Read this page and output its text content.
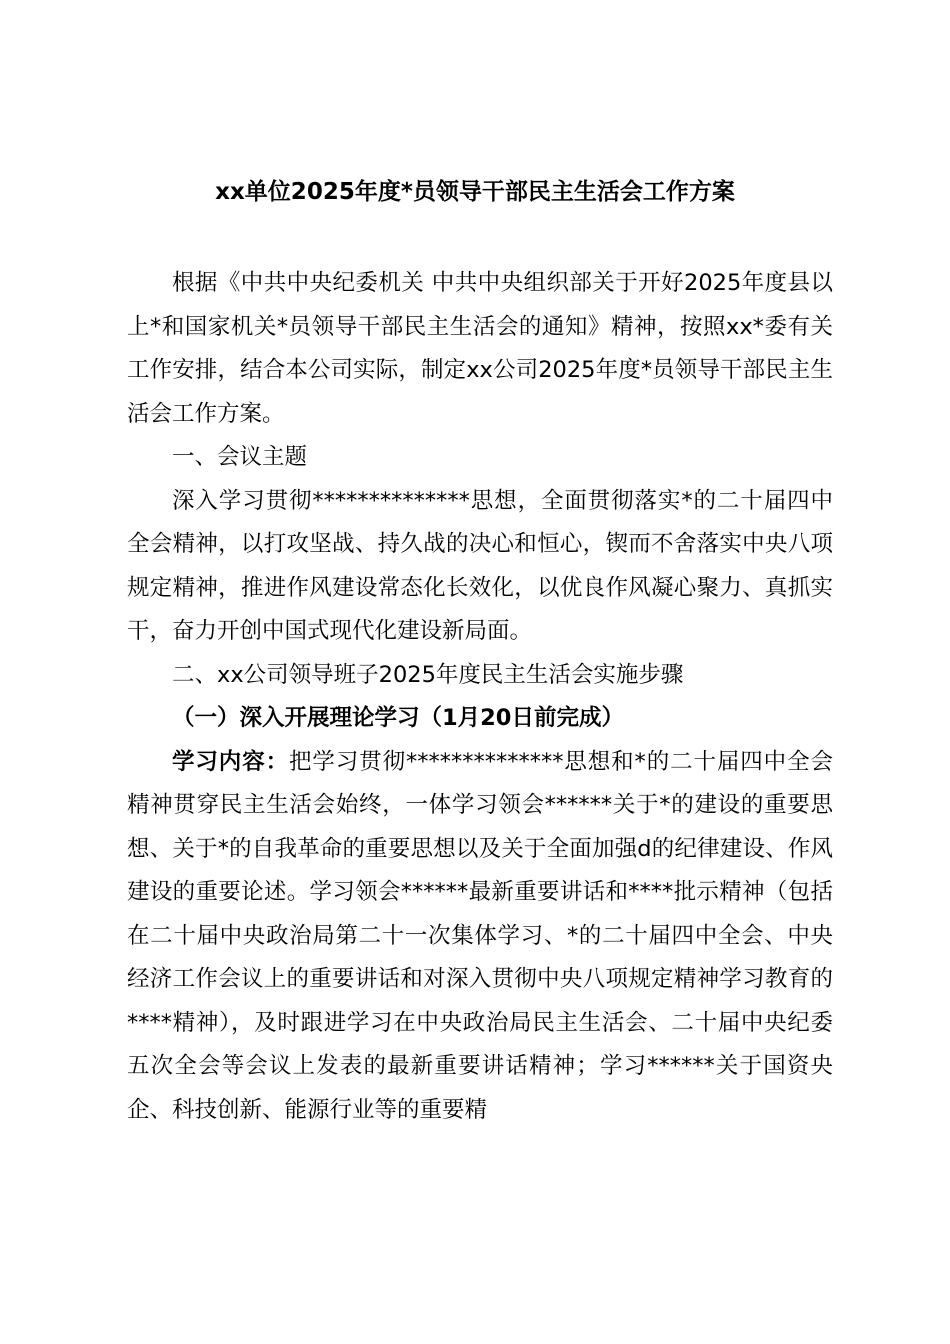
xx单位2025年度*员领导干部民主生活会工作方案

根据《中共中央纪委机关 中共中央组织部关于开好2025年度县以上*和国家机关*员领导干部民主生活会的通知》精神，按照xx*委有关工作安排，结合本公司实际，制定xx公司2025年度*员领导干部民主生活会工作方案。

一、会议主题

深入学习贯彻**************思想，全面贯彻落实*的二十届四中全会精神，以打攻坚战、持久战的决心和恒心，锲而不舍落实中央八项规定精神，推进作风建设常态化长效化，以优良作风凝心聚力、真抓实干，奋力开创中国式现代化建设新局面。

二、xx公司领导班子2025年度民主生活会实施步骤

（一）深入开展理论学习（1月20日前完成）

学习内容：把学习贯彻**************思想和*的二十届四中全会精神贯穿民主生活会始终，一体学习领会******关于*的建设的重要思想、关于*的自我革命的重要思想以及关于全面加强d的纪律建设、作风建设的重要论述。学习领会******最新重要讲话和****批示精神（包括在二十届中央政治局第二十一次集体学习、*的二十届四中全会、中央经济工作会议上的重要讲话和对深入贯彻中央八项规定精神学习教育的****精神），及时跟进学习在中央政治局民主生活会、二十届中央纪委五次全会等会议上发表的最新重要讲话精神；学习******关于国资央企、科技创新、能源行业等的重要精
